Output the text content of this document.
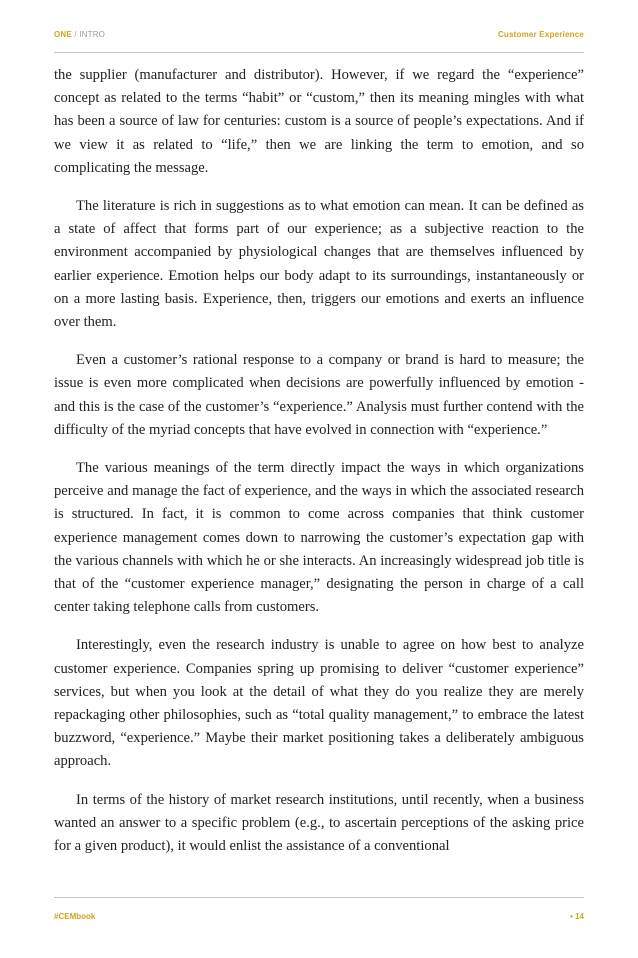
ONE / INTRO	Customer Experience

the supplier (manufacturer and distributor). However, if we regard the “experience” concept as related to the terms “habit” or “custom,” then its meaning mingles with what has been a source of law for centuries: custom is a source of people’s expectations. And if we view it as related to “life,” then we are linking the term to emotion, and so complicating the message.

The literature is rich in suggestions as to what emotion can mean. It can be defined as a state of affect that forms part of our experience; as a subjective reaction to the environment accompanied by physiological changes that are themselves influenced by earlier experience. Emotion helps our body adapt to its surroundings, instantaneously or on a more lasting basis. Experience, then, triggers our emotions and exerts an influence over them.

Even a customer’s rational response to a company or brand is hard to measure; the issue is even more complicated when decisions are powerfully influenced by emotion - and this is the case of the customer’s “experience.” Analysis must further contend with the difficulty of the myriad concepts that have evolved in connection with “experience.”

The various meanings of the term directly impact the ways in which organizations perceive and manage the fact of experience, and the ways in which the associated research is structured. In fact, it is common to come across companies that think customer experience management comes down to narrowing the customer’s expectation gap with the various channels with which he or she interacts. An increasingly widespread job title is that of the “customer experience manager,” designating the person in charge of a call center taking telephone calls from customers.

Interestingly, even the research industry is unable to agree on how best to analyze customer experience. Companies spring up promising to deliver “customer experience” services, but when you look at the detail of what they do you realize they are merely repackaging other philosophies, such as “total quality management,” to embrace the latest buzzword, “experience.” Maybe their market positioning takes a deliberately ambiguous approach.

In terms of the history of market research institutions, until recently, when a business wanted an answer to a specific problem (e.g., to ascertain perceptions of the asking price for a given product), it would enlist the assistance of a conventional

#CEMbook	• 14
